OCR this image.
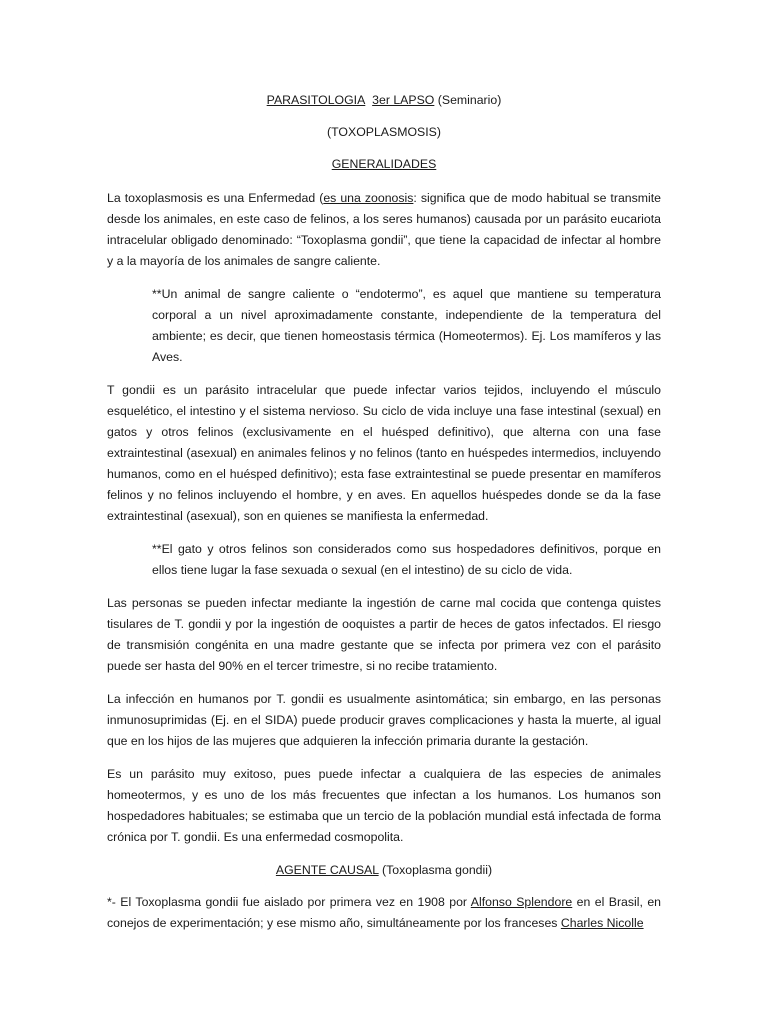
PARASITOLOGIA 3er LAPSO (Seminario)
(TOXOPLASMOSIS)
GENERALIDADES

La toxoplasmosis es una Enfermedad (es una zoonosis: significa que de modo habitual se transmite desde los animales, en este caso de felinos, a los seres humanos) causada por un parásito eucariota intracelular obligado denominado: “Toxoplasma gondii”, que tiene la capacidad de infectar al hombre y a la mayoría de los animales de sangre caliente.

**Un animal de sangre caliente o “endotermo”, es aquel que mantiene su temperatura corporal a un nivel aproximadamente constante, independiente de la temperatura del ambiente; es decir, que tienen homeostasis térmica (Homeotermos). Ej. Los mamíferos y las Aves.

T gondii es un parásito intracelular que puede infectar varios tejidos, incluyendo el músculo esquelético, el intestino y el sistema nervioso. Su ciclo de vida incluye una fase intestinal (sexual) en gatos y otros felinos (exclusivamente en el huésped definitivo), que alterna con una fase extraintestinal (asexual) en animales felinos y no felinos (tanto en huéspedes intermedios, incluyendo humanos, como en el huésped definitivo); esta fase extraintestinal se puede presentar en mamíferos felinos y no felinos incluyendo el hombre, y en aves. En aquellos huéspedes donde se da la fase extraintestinal (asexual), son en quienes se manifiesta la enfermedad.

**El gato y otros felinos son considerados como sus hospedadores definitivos, porque en ellos tiene lugar la fase sexuada o sexual (en el intestino) de su ciclo de vida.

Las personas se pueden infectar mediante la ingestión de carne mal cocida que contenga quistes tisulares de T. gondii y por la ingestión de ooquistes a partir de heces de gatos infectados. El riesgo de transmisión congénita en una madre gestante que se infecta por primera vez con el parásito puede ser hasta del 90% en el tercer trimestre, si no recibe tratamiento.

La infección en humanos por T. gondii es usualmente asintomática; sin embargo, en las personas inmunosuprimidas (Ej. en el SIDA) puede producir graves complicaciones y hasta la muerte, al igual que en los hijos de las mujeres que adquieren la infección primaria durante la gestación.

Es un parásito muy exitoso, pues puede infectar a cualquiera de las especies de animales homeotermos, y es uno de los más frecuentes que infectan a los humanos. Los humanos son hospedadores habituales; se estimaba que un tercio de la población mundial está infectada de forma crónica por T. gondii. Es una enfermedad cosmopolita.

AGENTE CAUSAL (Toxoplasma gondii)

*- El Toxoplasma gondii fue aislado por primera vez en 1908 por Alfonso Splendore en el Brasil, en conejos de experimentación; y ese mismo año, simultáneamente por los franceses Charles Nicolle
